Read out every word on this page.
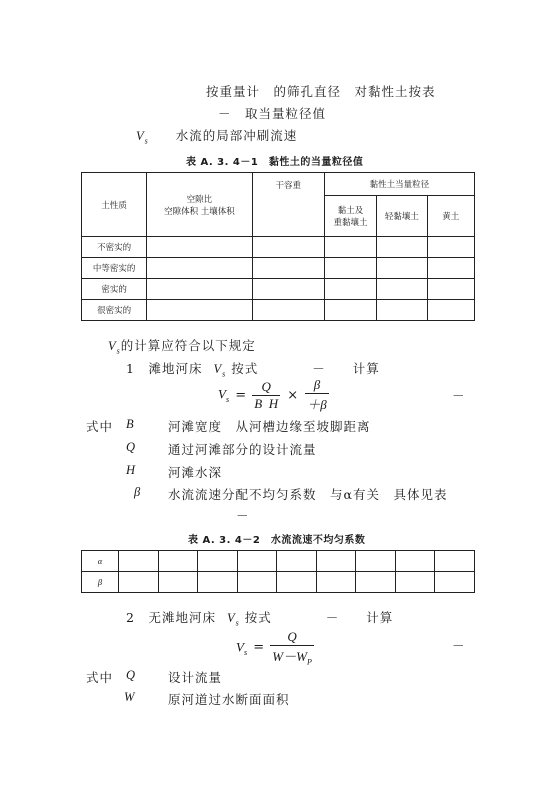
按重量计　的筛孔直径　对黏性土按表
－　取当量粒径值
$V_s$ 水流的局部冲刷流速
表 A. 3. 4－1　黏性土的当量粒径值
土性质	空隙比
空隙体积 土壤体积	干容重	黏性土当量粒径		
			黏土及
重黏壤土	轻黏壤土	黄土
不密实的					
中等密实的					
密实的					
很密实的					
$V_s$的计算应符合以下规定
1　滩地河床 $V_s$ 按式　　　　－　　计算
$V_s = \frac{Q}{\text{B H}} \times \frac{\beta}{+\beta}$	－
式中 B	河滩宽度　从河槽边缘至坡脚距离
Q	通过河滩部分的设计流量
H	河滩水深
β 水流流速分配不均匀系数　与α有关　具体见表
－
表 A. 3. 4－2　水流流速不均匀系数
α									
β									
2　无滩地河床 $V_s$ 按式　　　　－　　计算
$V_s = \frac{Q}{W-W_P}$	－
式中 Q	设计流量
W	原河道过水断面面积
